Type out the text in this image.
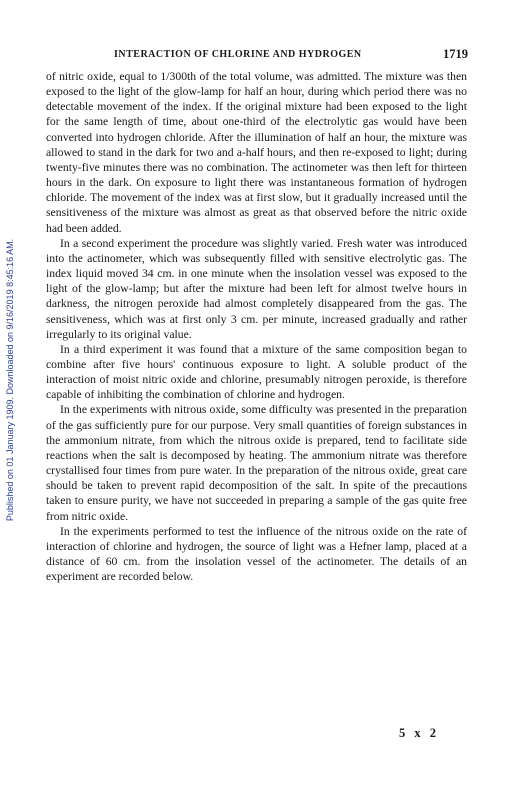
Published on 01 January 1909. Downloaded on 9/16/2019 8:45:16 AM.
INTERACTION OF CHLORINE AND HYDROGEN	1719

of nitric oxide, equal to 1/300th of the total volume, was admitted. The mixture was then exposed to the light of the glow-lamp for half an hour, during which period there was no detectable movement of the index. If the original mixture had been exposed to the light for the same length of time, about one-third of the electrolytic gas would have been converted into hydrogen chloride. After the illumination of half an hour, the mixture was allowed to stand in the dark for two and a-half hours, and then re-exposed to light; during twenty-five minutes there was no combination. The actinometer was then left for thirteen hours in the dark. On exposure to light there was instantaneous formation of hydrogen chloride. The movement of the index was at first slow, but it gradually increased until the sensitiveness of the mixture was almost as great as that observed before the nitric oxide had been added.

In a second experiment the procedure was slightly varied. Fresh water was introduced into the actinometer, which was subsequently filled with sensitive electrolytic gas. The index liquid moved 34 cm. in one minute when the insolation vessel was exposed to the light of the glow-lamp; but after the mixture had been left for almost twelve hours in darkness, the nitrogen peroxide had almost completely disappeared from the gas. The sensitiveness, which was at first only 3 cm. per minute, increased gradually and rather irregularly to its original value.

In a third experiment it was found that a mixture of the same composition began to combine after five hours' continuous exposure to light. A soluble product of the interaction of moist nitric oxide and chlorine, presumably nitrogen peroxide, is therefore capable of inhibiting the combination of chlorine and hydrogen.

In the experiments with nitrous oxide, some difficulty was presented in the preparation of the gas sufficiently pure for our purpose. Very small quantities of foreign substances in the ammonium nitrate, from which the nitrous oxide is prepared, tend to facilitate side reactions when the salt is decomposed by heating. The ammonium nitrate was therefore crystallised four times from pure water. In the preparation of the nitrous oxide, great care should be taken to prevent rapid decomposition of the salt. In spite of the precautions taken to ensure purity, we have not succeeded in preparing a sample of the gas quite free from nitric oxide.

In the experiments performed to test the influence of the nitrous oxide on the rate of interaction of chlorine and hydrogen, the source of light was a Hefner lamp, placed at a distance of 60 cm. from the insolation vessel of the actinometer. The details of an experiment are recorded below.

5 x 2
